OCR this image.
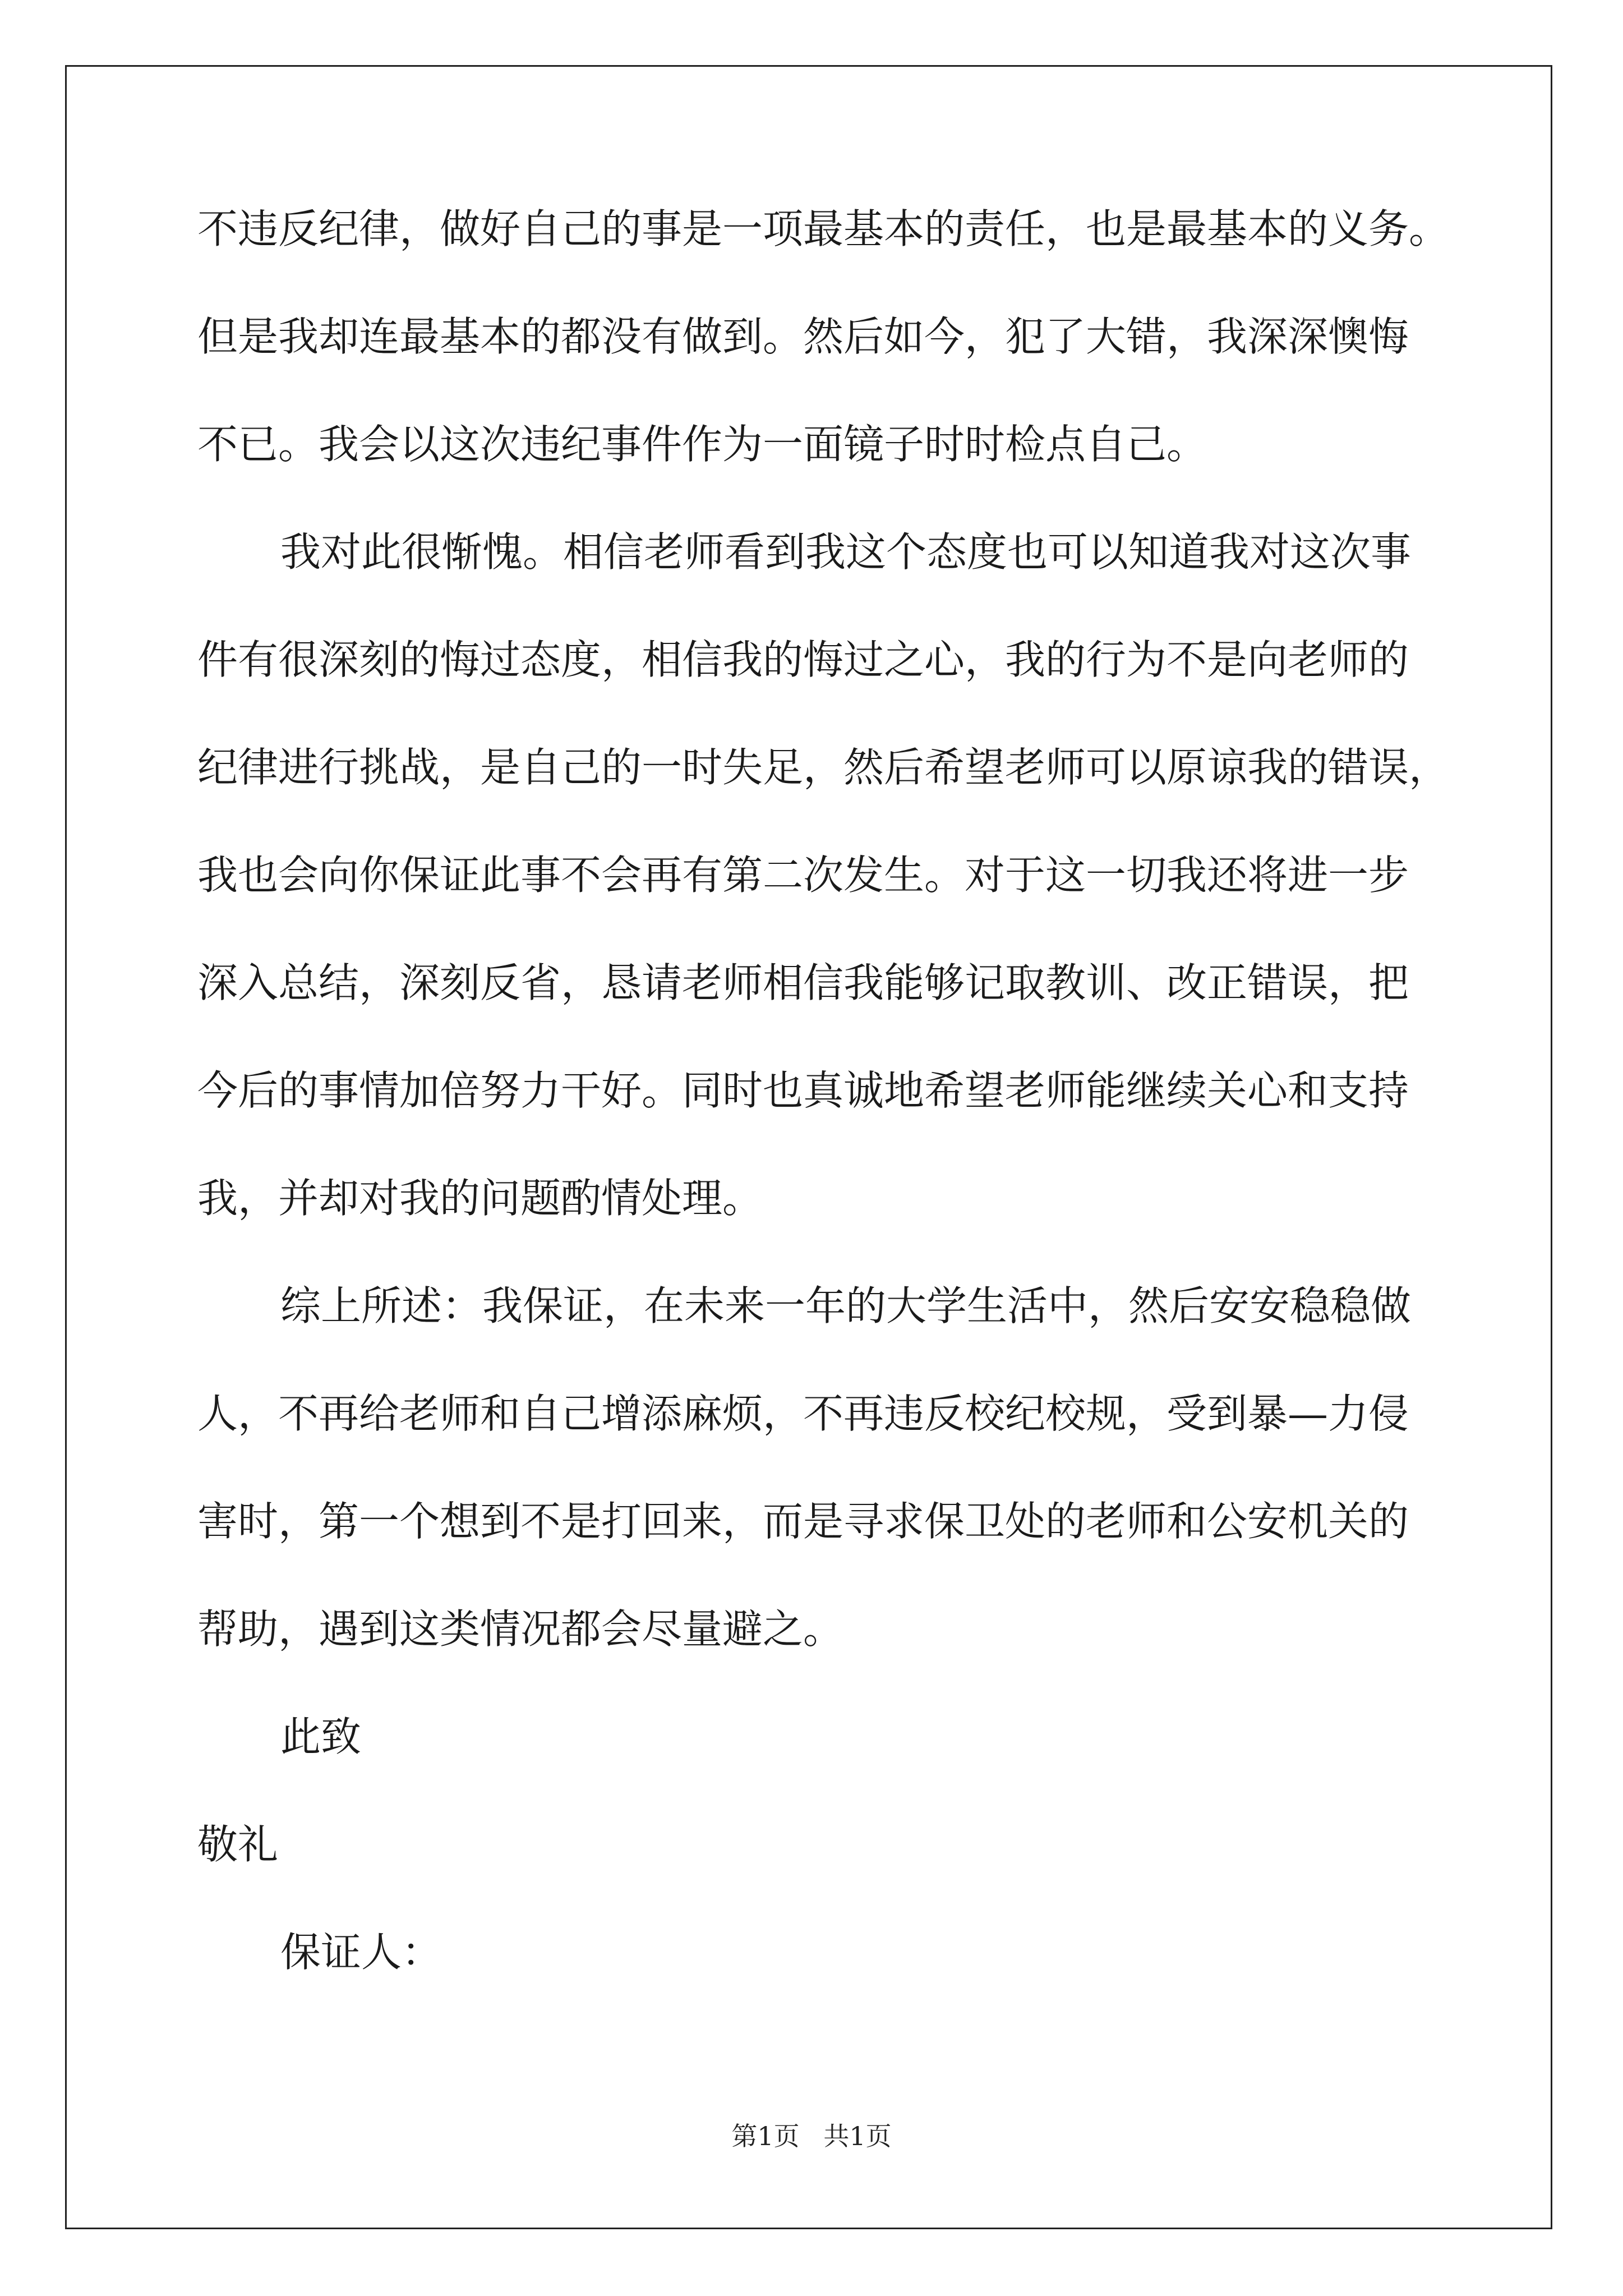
不违反纪律，做好自己的事是一项最基本的责任，也是最基本的义务。
但是我却连最基本的都没有做到。然后如今，犯了大错，我深深懊悔
不已。我会以这次违纪事件作为一面镜子时时检点自己。
我对此很惭愧。相信老师看到我这个态度也可以知道我对这次事
件有很深刻的悔过态度，相信我的悔过之心，我的行为不是向老师的
纪律进行挑战，是自己的一时失足，然后希望老师可以原谅我的错误，
我也会向你保证此事不会再有第二次发生。对于这一切我还将进一步
深入总结，深刻反省，恳请老师相信我能够记取教训、改正错误，把
今后的事情加倍努力干好。同时也真诚地希望老师能继续关心和支持
我，并却对我的问题酌情处理。
综上所述：我保证，在未来一年的大学生活中，然后安安稳稳做
人，不再给老师和自己增添麻烦，不再违反校纪校规，受到暴—力侵
害时，第一个想到不是打回来，而是寻求保卫处的老师和公安机关的
帮助，遇到这类情况都会尽量避之。
此致
敬礼
保证人：
第1页 共1页
